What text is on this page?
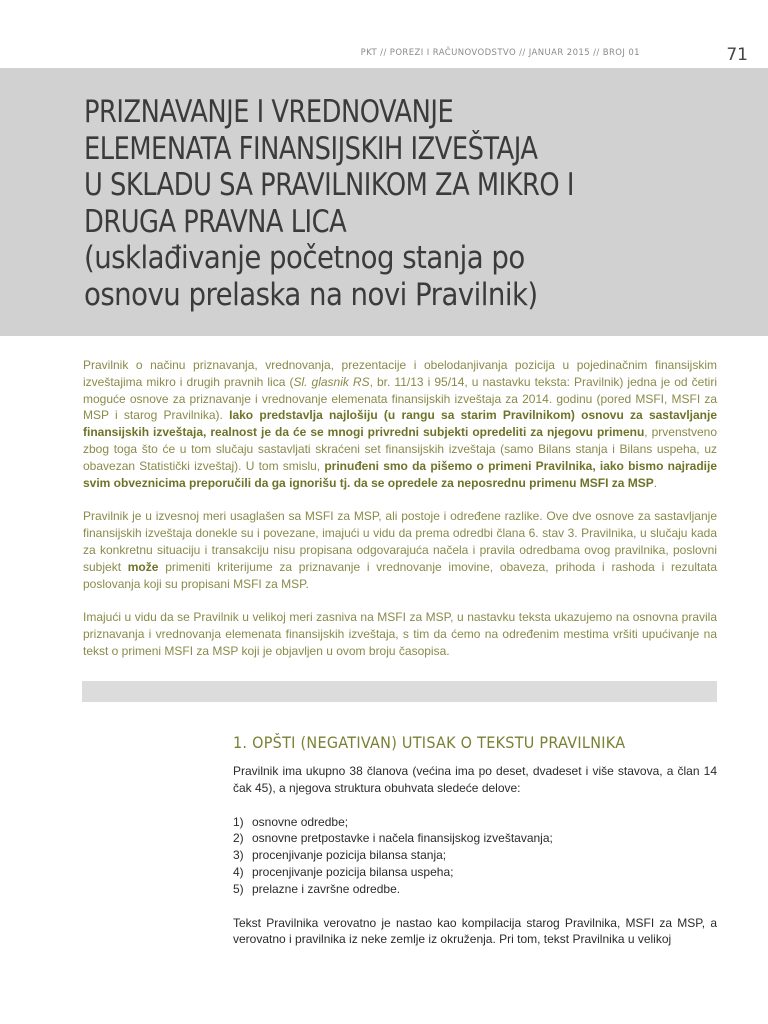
PKT // POREZI I RAČUNOVODSTVO // JANUAR 2015 // BROJ 01	71
PRIZNAVANJE I VREDNOVANJE
ELEMENATA FINANSIJSKIH IZVEŠTAJA
U SKLADU SA PRAVILNIKOM ZA MIKRO I
DRUGA PRAVNA LICA
(usklađivanje početnog stanja po
osnovu prelaska na novi Pravilnik)

Pravilnik o načinu priznavanja, vrednovanja, prezentacije i obelodanjivanja pozicija u pojedinačnim finansijskim izveštajima mikro i drugih pravnih lica (Sl. glasnik RS, br. 11/13 i 95/14, u nastavku teksta: Pravilnik) jedna je od četiri moguće osnove za priznavanje i vrednovanje elemenata finansijskih izveštaja za 2014. godinu (pored MSFI, MSFI za MSP i starog Pravilnika). Iako predstavlja najlošiju (u rangu sa starim Pravilnikom) osnovu za sastavljanje finansijskih izveštaja, realnost je da će se mnogi privredni subjekti opredeliti za njegovu primenu, prvenstveno zbog toga što će u tom slučaju sastavljati skraćeni set finansijskih izveštaja (samo Bilans stanja i Bilans uspeha, uz obavezan Statistički izveštaj). U tom smislu, prinuđeni smo da pišemo o primeni Pravilnika, iako bismo najradije svim obveznicima preporučili da ga ignorišu tj. da se opredele za neposrednu primenu MSFI za MSP.

Pravilnik je u izvesnoj meri usaglašen sa MSFI za MSP, ali postoje i određene razlike. Ove dve osnove za sastavljanje finansijskih izveštaja donekle su i povezane, imajući u vidu da prema odredbi člana 6. stav 3. Pravilnika, u slučaju kada za konkretnu situaciju i transakciju nisu propisana odgovarajuća načela i pravila odredbama ovog pravilnika, poslovni subjekt može primeniti kriterijume za priznavanje i vrednovanje imovine, obaveza, prihoda i rashoda i rezultata poslovanja koji su propisani MSFI za MSP.

Imajući u vidu da se Pravilnik u velikoj meri zasniva na MSFI za MSP, u nastavku teksta ukazujemo na osnovna pravila priznavanja i vrednovanja elemenata finansijskih izveštaja, s tim da ćemo na određenim mestima vršiti upućivanje na tekst o primeni MSFI za MSP koji je objavljen u ovom broju časopisa.

1. OPŠTI (NEGATIVAN) UTISAK O TEKSTU PRAVILNIKA

Pravilnik ima ukupno 38 članova (većina ima po deset, dvadeset i više stavova, a član 14 čak 45), a njegova struktura obuhvata sledeće delove:

1) osnovne odredbe;
2) osnovne pretpostavke i načela finansijskog izveštavanja;
3) procenjivanje pozicija bilansa stanja;
4) procenjivanje pozicija bilansa uspeha;
5) prelazne i završne odredbe.

Tekst Pravilnika verovatno je nastao kao kompilacija starog Pravilnika, MSFI za MSP, a verovatno i pravilnika iz neke zemlje iz okruženja. Pri tom, tekst Pravilnika u velikoj
